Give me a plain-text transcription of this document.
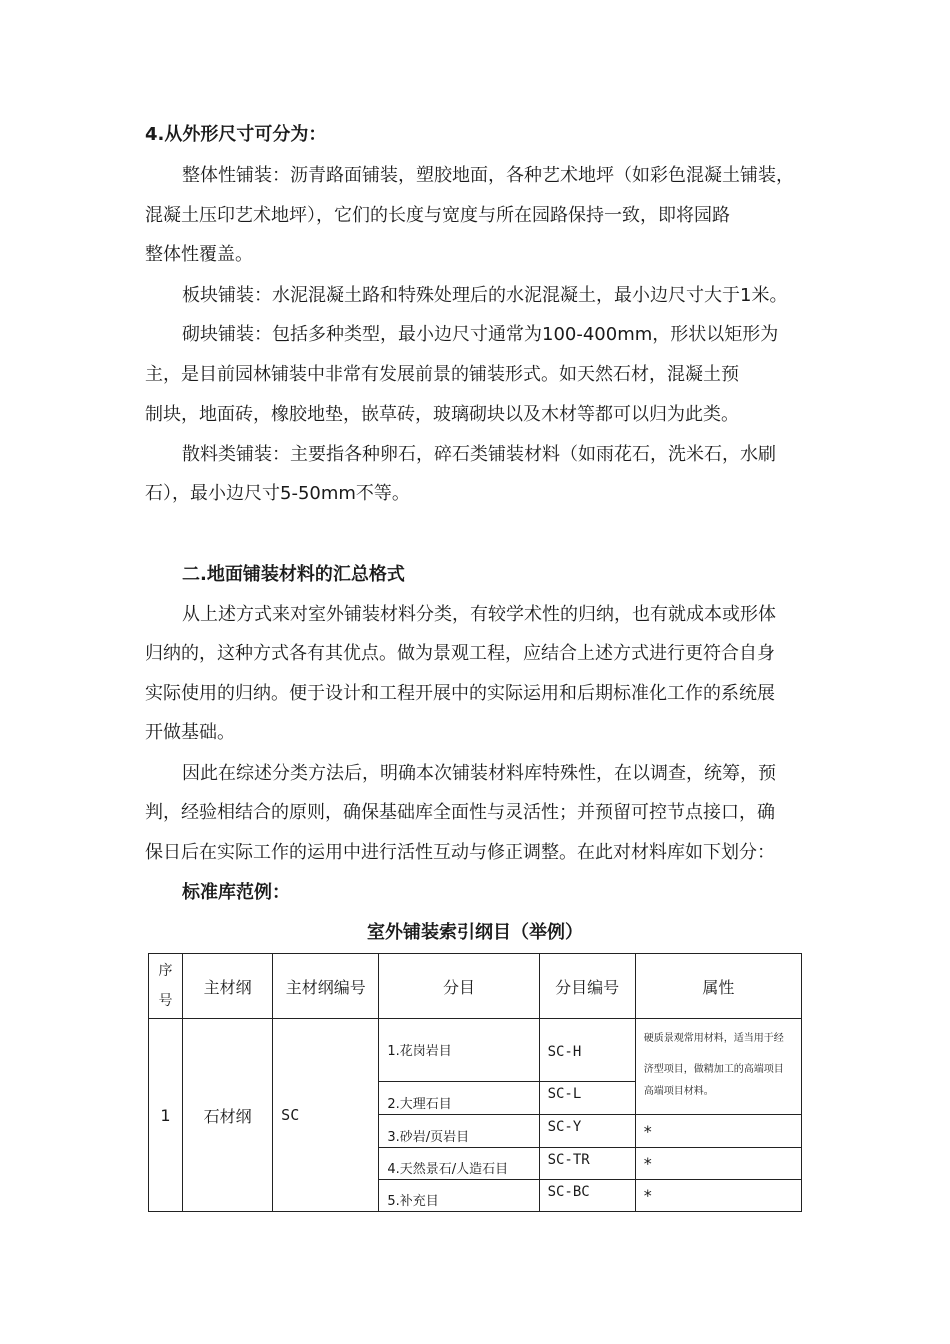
4.从外形尺寸可分为：
整体性铺装：沥青路面铺装，塑胶地面，各种艺术地坪（如彩色混凝土铺装，
混凝土压印艺术地坪），它们的长度与宽度与所在园路保持一致，即将园路
整体性覆盖。
板块铺装：水泥混凝土路和特殊处理后的水泥混凝土，最小边尺寸大于1米。
砌块铺装：包括多种类型，最小边尺寸通常为100-400mm，形状以矩形为
主，是目前园林铺装中非常有发展前景的铺装形式。如天然石材，混凝土预
制块，地面砖，橡胶地垫，嵌草砖，玻璃砌块以及木材等都可以归为此类。
散料类铺装：主要指各种卵石，碎石类铺装材料（如雨花石，洗米石，水刷
石），最小边尺寸5-50mm不等。
二.地面铺装材料的汇总格式
从上述方式来对室外铺装材料分类，有较学术性的归纳，也有就成本或形体
归纳的，这种方式各有其优点。做为景观工程，应结合上述方式进行更符合自身
实际使用的归纳。便于设计和工程开展中的实际运用和后期标准化工作的系统展
开做基础。
因此在综述分类方法后，明确本次铺装材料库特殊性，在以调查，统筹，预
判，经验相结合的原则，确保基础库全面性与灵活性；并预留可控节点接口，确
保日后在实际工作的运用中进行活性互动与修正调整。在此对材料库如下划分：
标准库范例：
室外铺装索引纲目（举例）
序
号	主材纲	主材纲编号	分目	分目编号	属性
1	石材纲	SC	1.花岗岩目	SC-H	硬质景观常用材料，适当用于经
济型项目，做精加工的高端项目
高端项目材料。

			2.大理石目	SC-L	
			3.砂岩/页岩目	SC-Y	*
			4.天然景石/人造石目	SC-TR	*
			5.补充目	SC-BC	*
